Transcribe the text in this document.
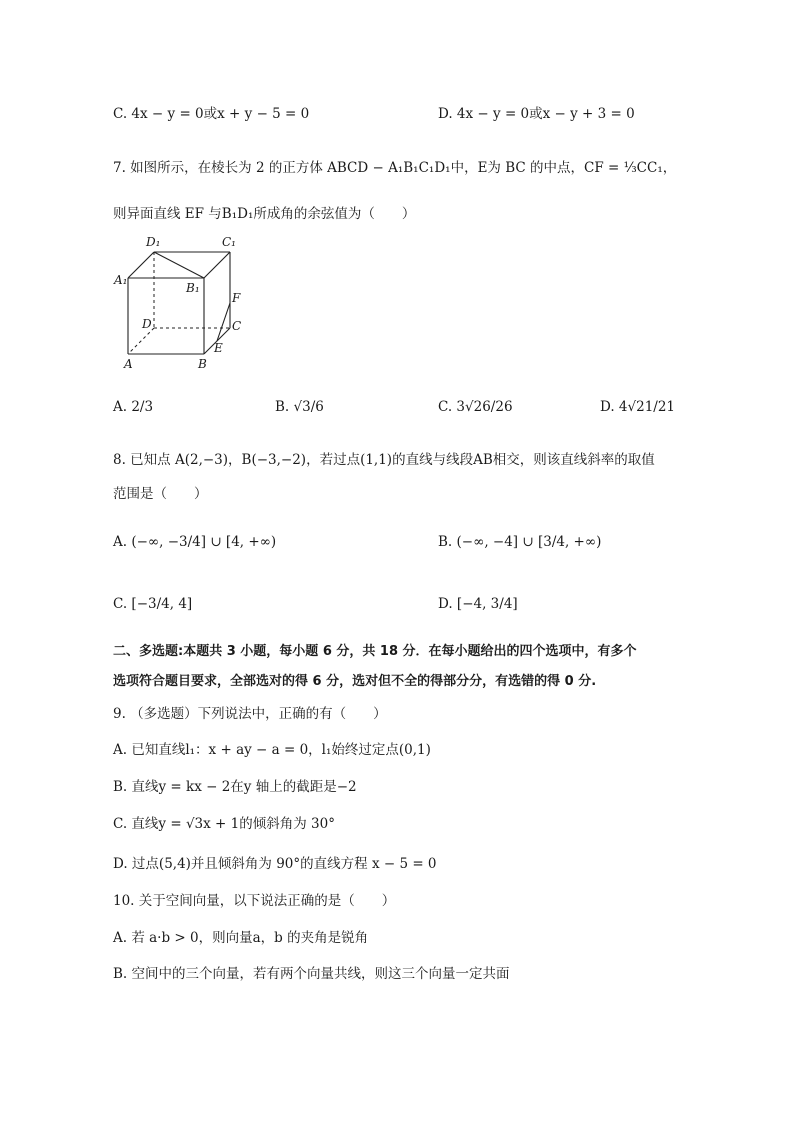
C. 4x − y = 0或x + y − 5 = 0	D. 4x − y = 0或x − y + 3 = 0
7. 如图所示，在棱长为 2 的正方体 ABCD − A₁B₁C₁D₁中，E为 BC 的中点，CF = ⅓CC₁，
则异面直线 EF 与B₁D₁所成角的余弦值为（　　）
D₁	C₁
A₁
B₁
F
D	C
E
A	B
A. 2/3	B. √3/6	C. 3√26/26	D. 4√21/21
8. 已知点 A(2,−3)，B(−3,−2)，若过点(1,1)的直线与线段AB相交，则该直线斜率的取值
范围是（　　）
A. (−∞, −3/4] ∪ [4, +∞)	B. (−∞, −4] ∪ [3/4, +∞)
C. [−3/4, 4]	D. [−4, 3/4]
二、多选题:本题共 3 小题，每小题 6 分，共 18 分．在每小题给出的四个选项中，有多个
选项符合题目要求，全部选对的得 6 分，选对但不全的得部分分，有选错的得 0 分.
9. （多选题）下列说法中，正确的有（　　）
A. 已知直线l₁：x + ay − a = 0，l₁始终过定点(0,1)
B. 直线y = kx − 2在y 轴上的截距是−2
C. 直线y = √3x + 1的倾斜角为 30°
D. 过点(5,4)并且倾斜角为 90°的直线方程 x − 5 = 0
10. 关于空间向量，以下说法正确的是（　　）
A. 若 a·b > 0，则向量a，b 的夹角是锐角
B. 空间中的三个向量，若有两个向量共线，则这三个向量一定共面
